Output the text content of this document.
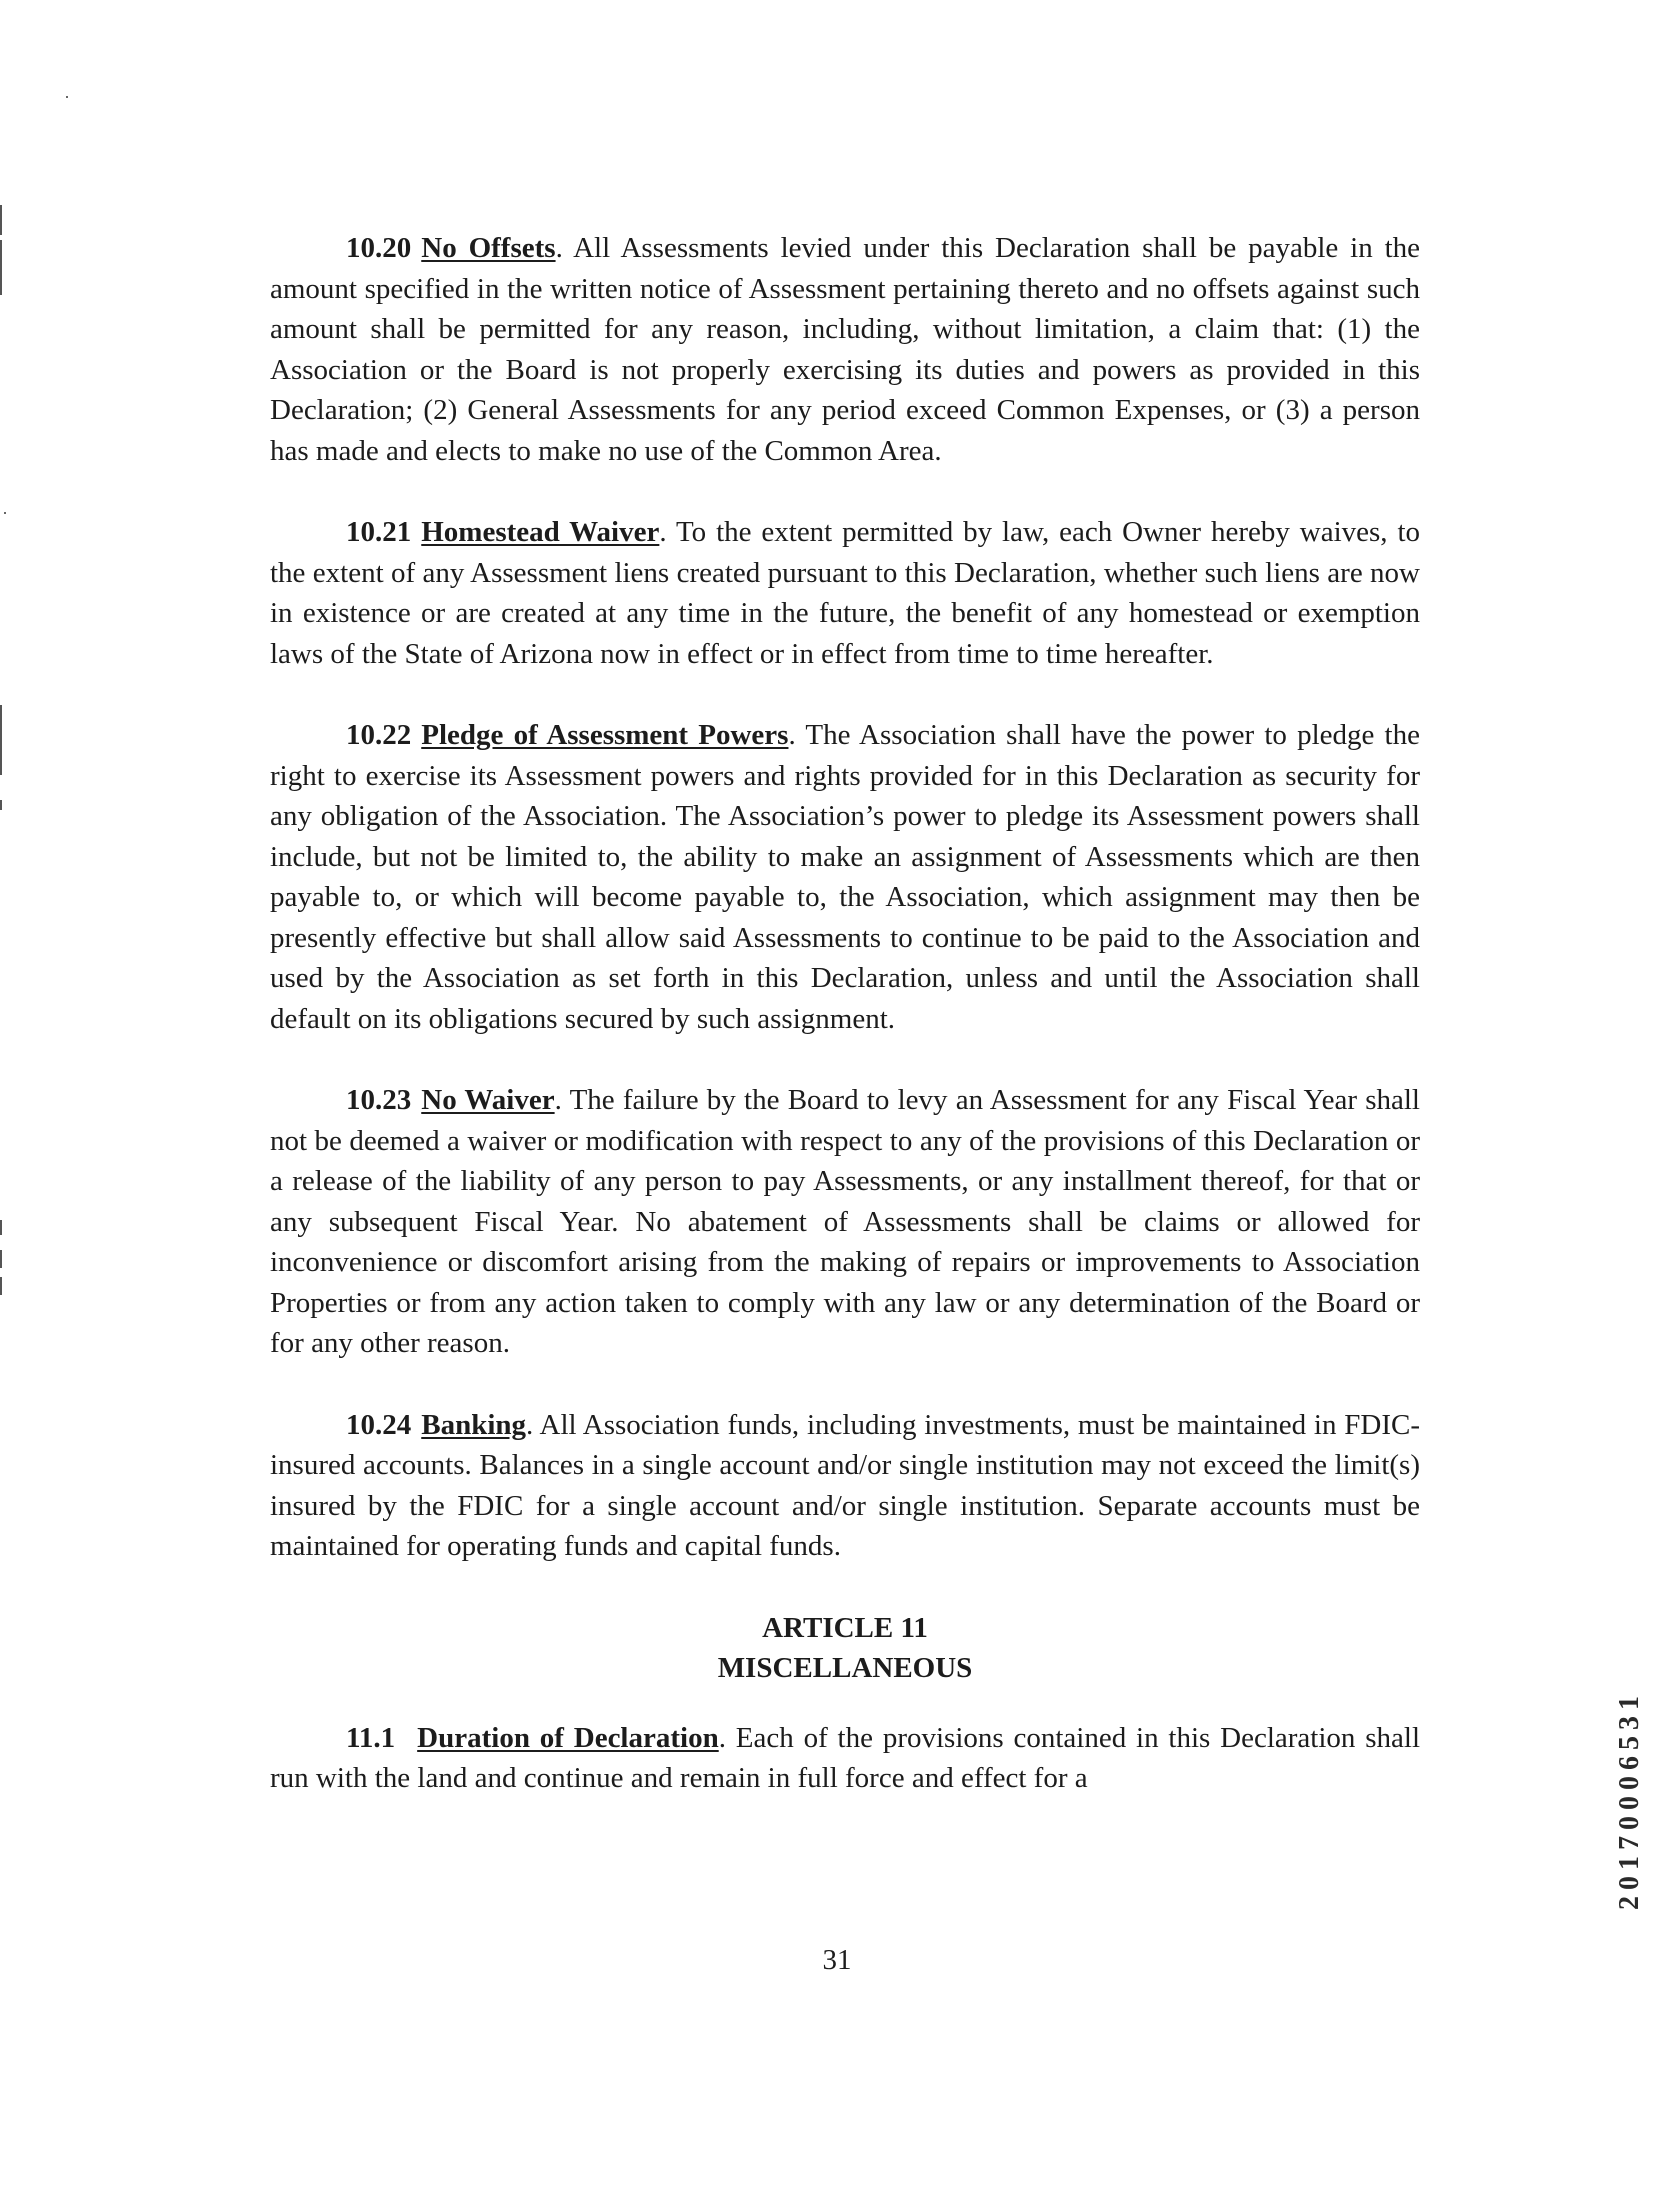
10.20 No Offsets. All Assessments levied under this Declaration shall be payable in the amount specified in the written notice of Assessment pertaining thereto and no offsets against such amount shall be permitted for any reason, including, without limitation, a claim that: (1) the Association or the Board is not properly exercising its duties and powers as provided in this Declaration; (2) General Assessments for any period exceed Common Expenses, or (3) a person has made and elects to make no use of the Common Area.

10.21 Homestead Waiver. To the extent permitted by law, each Owner hereby waives, to the extent of any Assessment liens created pursuant to this Declaration, whether such liens are now in existence or are created at any time in the future, the benefit of any homestead or exemption laws of the State of Arizona now in effect or in effect from time to time hereafter.

10.22 Pledge of Assessment Powers. The Association shall have the power to pledge the right to exercise its Assessment powers and rights provided for in this Declaration as security for any obligation of the Association. The Association’s power to pledge its Assessment powers shall include, but not be limited to, the ability to make an assignment of Assessments which are then payable to, or which will become payable to, the Association, which assignment may then be presently effective but shall allow said Assessments to continue to be paid to the Association and used by the Association as set forth in this Declaration, unless and until the Association shall default on its obligations secured by such assignment.

10.23 No Waiver. The failure by the Board to levy an Assessment for any Fiscal Year shall not be deemed a waiver or modification with respect to any of the provisions of this Declaration or a release of the liability of any person to pay Assessments, or any installment thereof, for that or any subsequent Fiscal Year. No abatement of Assessments shall be claims or allowed for inconvenience or discomfort arising from the making of repairs or improvements to Association Properties or from any action taken to comply with any law or any determination of the Board or for any other reason.

10.24 Banking. All Association funds, including investments, must be maintained in FDIC-insured accounts. Balances in a single account and/or single institution may not exceed the limit(s) insured by the FDIC for a single account and/or single institution. Separate accounts must be maintained for operating funds and capital funds.

ARTICLE 11
MISCELLANEOUS

11.1 Duration of Declaration. Each of the provisions contained in this Declaration shall run with the land and continue and remain in full force and effect for a

31
20170006531
